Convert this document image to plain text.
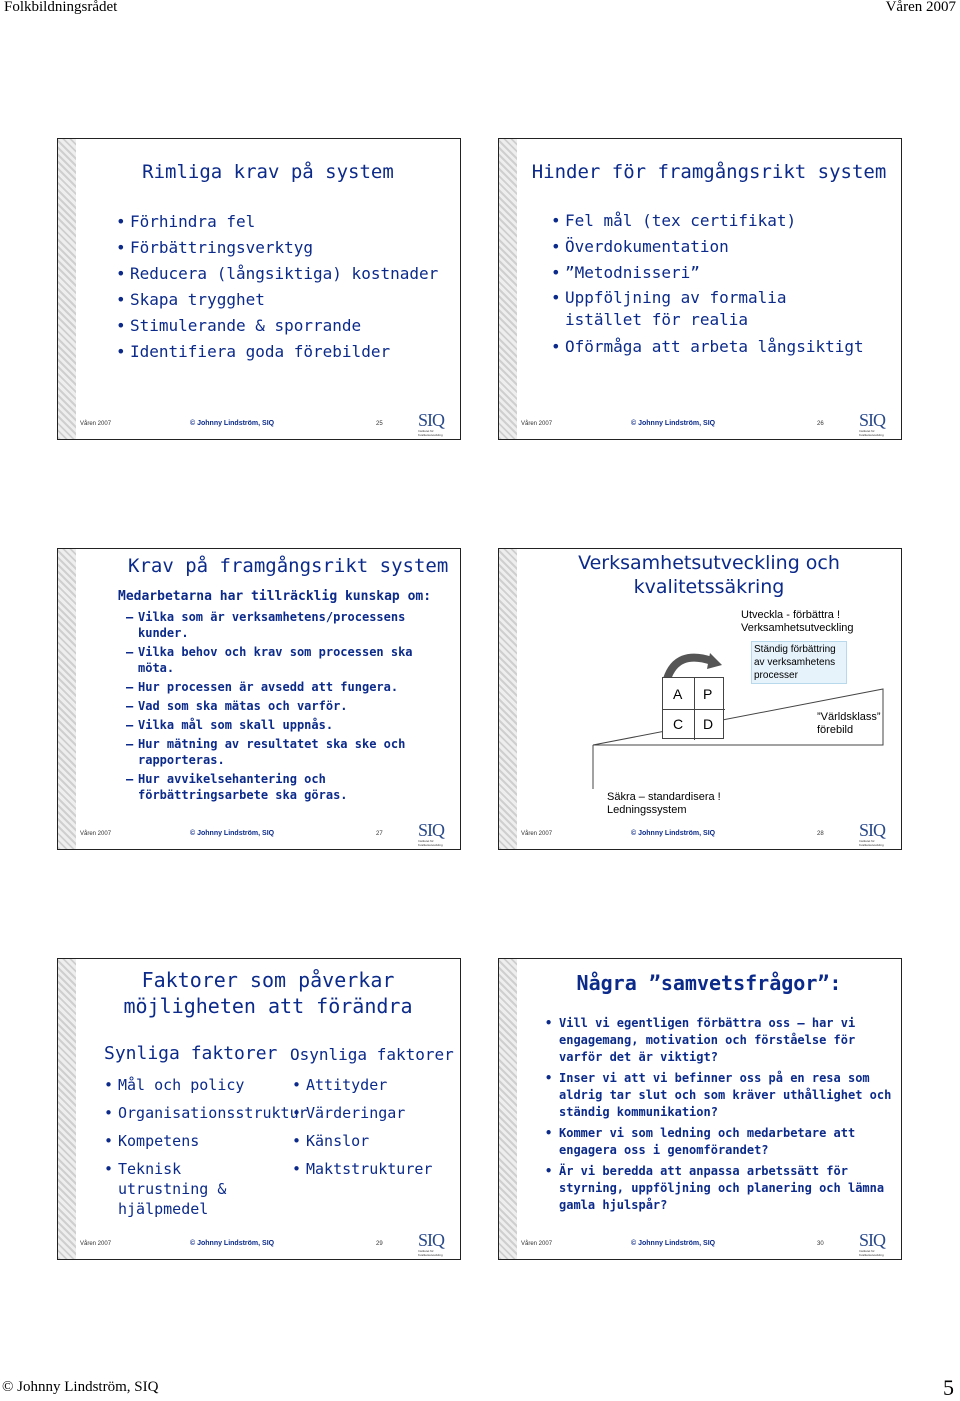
Folkbildningsrådet	Våren 2007
Rimliga krav på system
• Förhindra fel
• Förbättringsverktyg
• Reducera (långsiktiga) kostnader
• Skapa trygghet
• Stimulerande & sporrande
• Identifiera goda förebilder
Våren 2007	© Johnny Lindström, SIQ	25 SIQ
Institutet för Kvalitetsutveckling
Hinder för framgångsrikt system
• Fel mål (tex certifikat)
• Överdokumentation
• ”Metodnisseri”
• Uppföljning av formalia istället för realia
• Oförmåga att arbeta långsiktigt
Våren 2007	© Johnny Lindström, SIQ	26 SIQ
Institutet för Kvalitetsutveckling
Krav på framgångsrikt system
Medarbetarna har tillräcklig kunskap om:
– Vilka som är verksamhetens/processens kunder.
– Vilka behov och krav som processen ska möta.
– Hur processen är avsedd att fungera.
– Vad som ska mätas och varför.
– Vilka mål som skall uppnås.
– Hur mätning av resultatet ska ske och rapporteras.
– Hur avvikelsehantering och förbättringsarbete ska göras.
Våren 2007	© Johnny Lindström, SIQ	27 SIQ
Institutet för Kvalitetsutveckling
Verksamhetsutveckling och
kvalitetssäkring
A P
C D
Utveckla - förbättra !
Verksamhetsutveckling
Ständig förbättring
av verksamhetens
processer
”Världsklass”
förebild
Säkra – standardisera !
Ledningssystem
Våren 2007	© Johnny Lindström, SIQ	28 SIQ
Institutet för Kvalitetsutveckling
Faktorer som påverkar
möjligheten att förändra
Synliga faktorer Osynliga faktorer
• Mål och policy
• Organisationsstruktur
• Kompetens
• Teknisk utrustning & hjälpmedel
• Attityder
• Värderingar
• Känslor
• Maktstrukturer
Våren 2007	© Johnny Lindström, SIQ	29 SIQ
Institutet för Kvalitetsutveckling
Några ”samvetsfrågor”:
• Vill vi egentligen förbättra oss – har vi engagemang, motivation och förståelse för varför det är viktigt?
• Inser vi att vi befinner oss på en resa som aldrig tar slut och som kräver uthållighet och ständig kommunikation?
• Kommer vi som ledning och medarbetare att engagera oss i genomförandet?
• Är vi beredda att anpassa arbetssätt för styrning, uppföljning och planering och lämna gamla hjulspår?
Våren 2007	© Johnny Lindström, SIQ	30 SIQ
Institutet för Kvalitetsutveckling
© Johnny Lindström, SIQ	5
